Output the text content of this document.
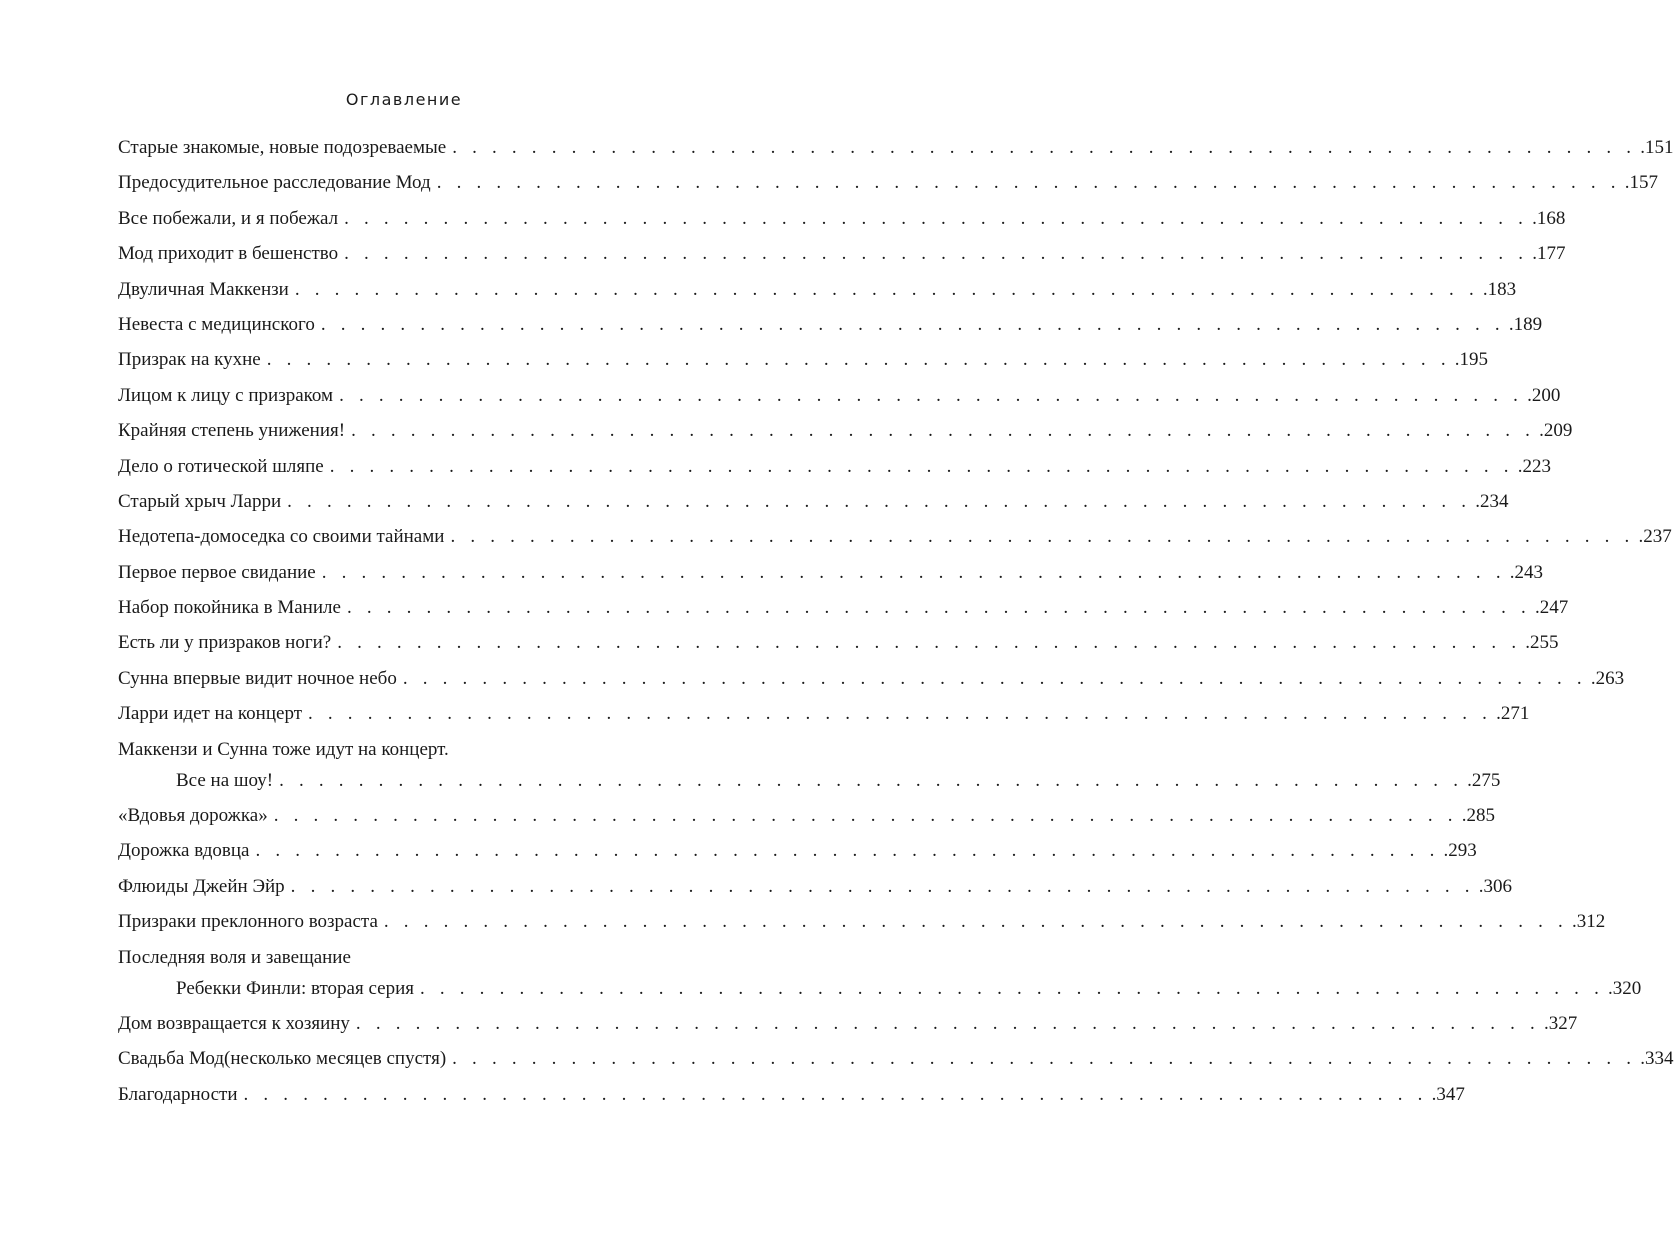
Оглавление
Старые знакомые, новые подозреваемые . . . . . . . . . . . . . . . . . . . . . . . . . . . . . . . . . . . . . . . . . . . . . . . . . . . . . . . . . . . . .151
Предосудительное расследование Мод . . . . . . . . . . . . . . . . . . . . . . . . . . . . . . . . . . . . . . . . . . . . . . . . . . . . . . . . . . . . .157
Все побежали, и я побежал . . . . . . . . . . . . . . . . . . . . . . . . . . . . . . . . . . . . . . . . . . . . . . . . . . . . . . . . . . . . .168
Мод приходит в бешенство . . . . . . . . . . . . . . . . . . . . . . . . . . . . . . . . . . . . . . . . . . . . . . . . . . . . . . . . . . . . .177
Двуличная Маккензи . . . . . . . . . . . . . . . . . . . . . . . . . . . . . . . . . . . . . . . . . . . . . . . . . . . . . . . . . . . . .183
Невеста с медицинского . . . . . . . . . . . . . . . . . . . . . . . . . . . . . . . . . . . . . . . . . . . . . . . . . . . . . . . . . . . . .189
Призрак на кухне . . . . . . . . . . . . . . . . . . . . . . . . . . . . . . . . . . . . . . . . . . . . . . . . . . . . . . . . . . . . .195
Лицом к лицу с призраком . . . . . . . . . . . . . . . . . . . . . . . . . . . . . . . . . . . . . . . . . . . . . . . . . . . . . . . . . . . . .200
Крайняя степень унижения! . . . . . . . . . . . . . . . . . . . . . . . . . . . . . . . . . . . . . . . . . . . . . . . . . . . . . . . . . . . . .209
Дело о готической шляпе . . . . . . . . . . . . . . . . . . . . . . . . . . . . . . . . . . . . . . . . . . . . . . . . . . . . . . . . . . . . .223
Старый хрыч Ларри . . . . . . . . . . . . . . . . . . . . . . . . . . . . . . . . . . . . . . . . . . . . . . . . . . . . . . . . . . . . .234
Недотепа-домоседка со своими тайнами . . . . . . . . . . . . . . . . . . . . . . . . . . . . . . . . . . . . . . . . . . . . . . . . . . . . . . . . . . . . .237
Первое первое свидание . . . . . . . . . . . . . . . . . . . . . . . . . . . . . . . . . . . . . . . . . . . . . . . . . . . . . . . . . . . . .243
Набор покойника в Маниле . . . . . . . . . . . . . . . . . . . . . . . . . . . . . . . . . . . . . . . . . . . . . . . . . . . . . . . . . . . . .247
Есть ли у призраков ноги? . . . . . . . . . . . . . . . . . . . . . . . . . . . . . . . . . . . . . . . . . . . . . . . . . . . . . . . . . . . . .255
Сунна впервые видит ночное небо . . . . . . . . . . . . . . . . . . . . . . . . . . . . . . . . . . . . . . . . . . . . . . . . . . . . . . . . . . . . .263
Ларри идет на концерт . . . . . . . . . . . . . . . . . . . . . . . . . . . . . . . . . . . . . . . . . . . . . . . . . . . . . . . . . . . . .271
Маккензи и Сунна тоже идут на концерт.
Все на шоу! . . . . . . . . . . . . . . . . . . . . . . . . . . . . . . . . . . . . . . . . . . . . . . . . . . . . . . . . . . . . .275
«Вдовья дорожка» . . . . . . . . . . . . . . . . . . . . . . . . . . . . . . . . . . . . . . . . . . . . . . . . . . . . . . . . . . . . .285
Дорожка вдовца . . . . . . . . . . . . . . . . . . . . . . . . . . . . . . . . . . . . . . . . . . . . . . . . . . . . . . . . . . . . .293
Флюиды Джейн Эйр . . . . . . . . . . . . . . . . . . . . . . . . . . . . . . . . . . . . . . . . . . . . . . . . . . . . . . . . . . . . .306
Призраки преклонного возраста . . . . . . . . . . . . . . . . . . . . . . . . . . . . . . . . . . . . . . . . . . . . . . . . . . . . . . . . . . . . .312
Последняя воля и завещание
Ребекки Финли: вторая серия . . . . . . . . . . . . . . . . . . . . . . . . . . . . . . . . . . . . . . . . . . . . . . . . . . . . . . . . . . . . .320
Дом возвращается к хозяину . . . . . . . . . . . . . . . . . . . . . . . . . . . . . . . . . . . . . . . . . . . . . . . . . . . . . . . . . . . . .327
Свадьба Мод(несколько месяцев спустя) . . . . . . . . . . . . . . . . . . . . . . . . . . . . . . . . . . . . . . . . . . . . . . . . . . . . . . . . . . . . .334
Благодарности . . . . . . . . . . . . . . . . . . . . . . . . . . . . . . . . . . . . . . . . . . . . . . . . . . . . . . . . . . . . .347
